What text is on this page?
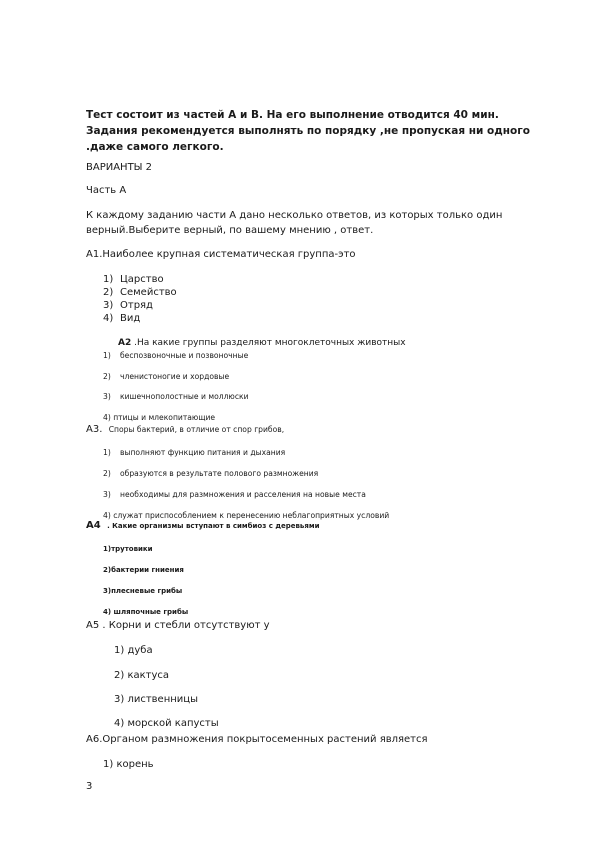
Тест состоит из частей А и В. На его выполнение отводится 40 мин.
Задания рекомендуется выполнять по порядку ,не пропуская ни одного
.даже самого легкого.
ВАРИАНТЫ 2
Часть А
К каждому заданию части А дано несколько ответов, из которых только один
верный.Выберите верный, по вашему мнению , ответ.
А1.Наиболее крупная систематическая группа-это
1) Царство
2) Семейство
3) Отряд
4) Вид
А2 .На какие группы разделяют многоклеточных животных
1) беспозвоночные и позвоночные
2) членистоногие и хордовые
3) кишечнополостные и моллюски
4) птицы и млекопитающие
А3. Споры бактерий, в отличие от спор грибов,
1) выполняют функцию питания и дыхания
2) образуются в результате полового размножения
3) необходимы для размножения и расселения на новые места
4) служат приспособлением к перенесению неблагоприятных условий
А4 . Какие организмы вступают в симбиоз с деревьями
1)трутовики
2)бактерии гниения
3)плесневые грибы
4) шляпочные грибы
А5 . Корни и стебли отсутствуют у
1) дуба
2) кактуса
3) лиственницы
4) морской капусты
А6.Органом размножения покрытосеменных растений является
1) корень
3
